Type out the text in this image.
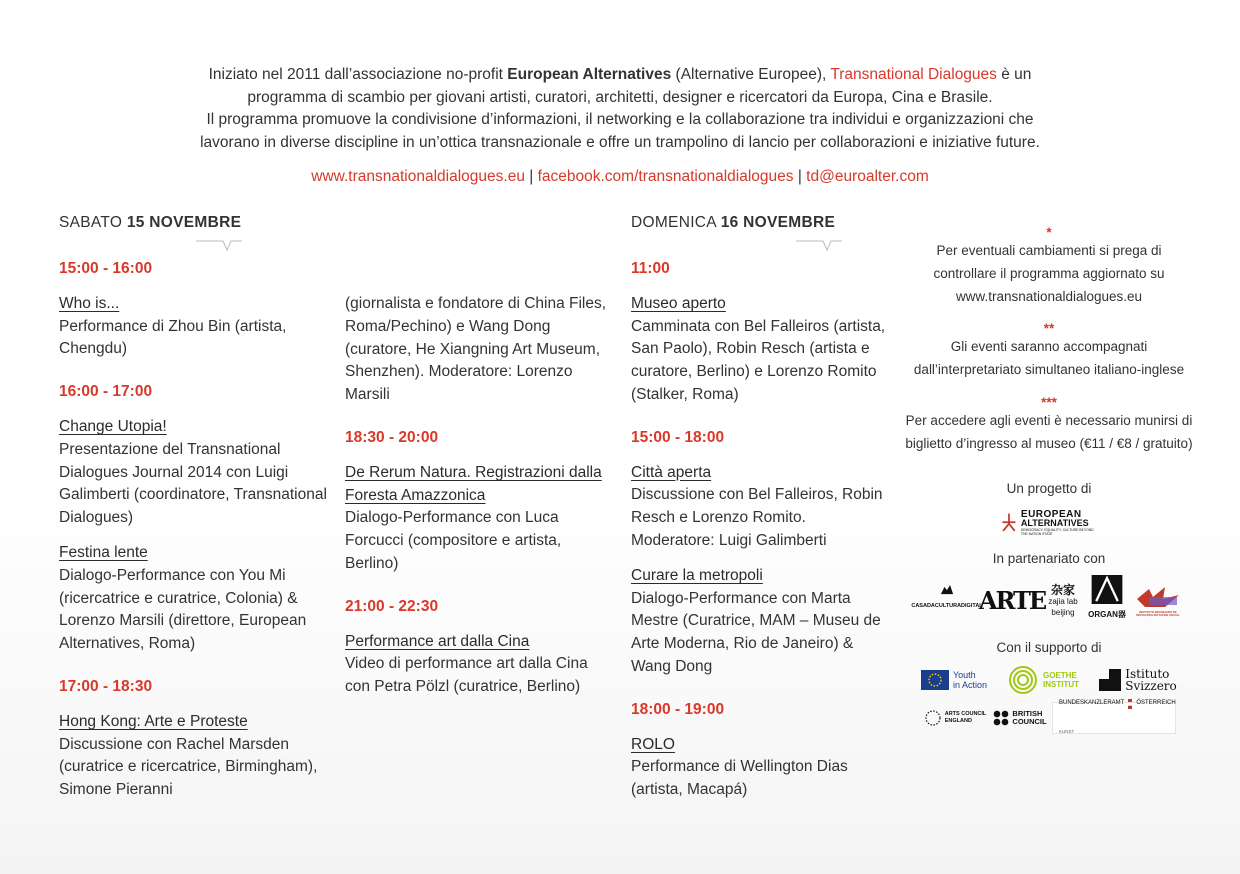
Iniziato nel 2011 dall’associazione no-profit European Alternatives (Alternative Europee), Transnational Dialogues è un
programma di scambio per giovani artisti, curatori, architetti, designer e ricercatori da Europa, Cina e Brasile.
Il programma promuove la condivisione d’informazioni, il networking e la collaborazione tra individui e organizzazioni che
lavorano in diverse discipline in un’ottica transnazionale e offre un trampolino di lancio per collaborazioni e iniziative future.
www.transnationaldialogues.eu | facebook.com/transnationaldialogues | td@euroalter.com
SABATO 15 NOVEMBRE	DOMENICA 16 NOVEMBRE
15:00 - 16:00
Who is...
Performance di Zhou Bin (artista, Chengdu)
16:00 - 17:00
Change Utopia!
Presentazione del Transnational Dialogues Journal 2014 con Luigi Galimberti (coordinatore, Transnational Dialogues)
Festina lente
Dialogo-Performance con You Mi (ricercatrice e curatrice, Colonia) & Lorenzo Marsili (direttore, European Alternatives, Roma)
17:00 - 18:30
Hong Kong: Arte e Proteste
Discussione con Rachel Marsden (curatrice e ricercatrice, Birmingham), Simone Pieranni
(giornalista e fondatore di China Files, Roma/Pechino) e Wang Dong (curatore, He Xiangning Art Museum, Shenzhen). Moderatore: Lorenzo Marsili
18:30 - 20:00
De Rerum Natura. Registrazioni dalla Foresta Amazzonica
Dialogo-Performance con Luca Forcucci (compositore e artista, Berlino)
21:00 - 22:30
Performance art dalla Cina
Video di performance art dalla Cina con Petra Pölzl (curatrice, Berlino)
11:00
Museo aperto
Camminata con Bel Falleiros (artista, San Paolo), Robin Resch (artista e curatore, Berlino) e Lorenzo Romito (Stalker, Roma)
15:00 - 18:00
Città aperta
Discussione con Bel Falleiros, Robin Resch e Lorenzo Romito. Moderatore: Luigi Galimberti
Curare la metropoli
Dialogo-Performance con Marta Mestre (Curatrice, MAM – Museu de Arte Moderna, Rio de Janeiro) & Wang Dong
18:00 - 19:00
ROLO
Performance di Wellington Dias (artista, Macapá)
*
Per eventuali cambiamenti si prega di controllare il programma aggiornato su www.transnationaldialogues.eu
**
Gli eventi saranno accompagnati dall’interpretariato simultaneo italiano-inglese
***
Per accedere agli eventi è necessario munirsi di biglietto d’ingresso al museo (€11 / €8 / gratuito)
Un progetto di
EUROPEAN
ALTERNATIVES
DEMOCRACY, EQUALITY, CULTURE BEYOND THE NATION STATE
In partenariato con
CASADACULTURADIGITAL
ARTE 杂家
zajia lab
beijing ORGAN器	INSTITUTO BRASILEIRO DE INOVAÇÕES EM SAÚDE SOCIAL
Con il supporto di
Youth
in Action
GOETHE
INSTITUT
Istituto
Svizzero
ARTS COUNCIL
ENGLAND
BRITISH
COUNCIL
BUNDESKANZLERAMT ÖSTERREICH
KUNST
